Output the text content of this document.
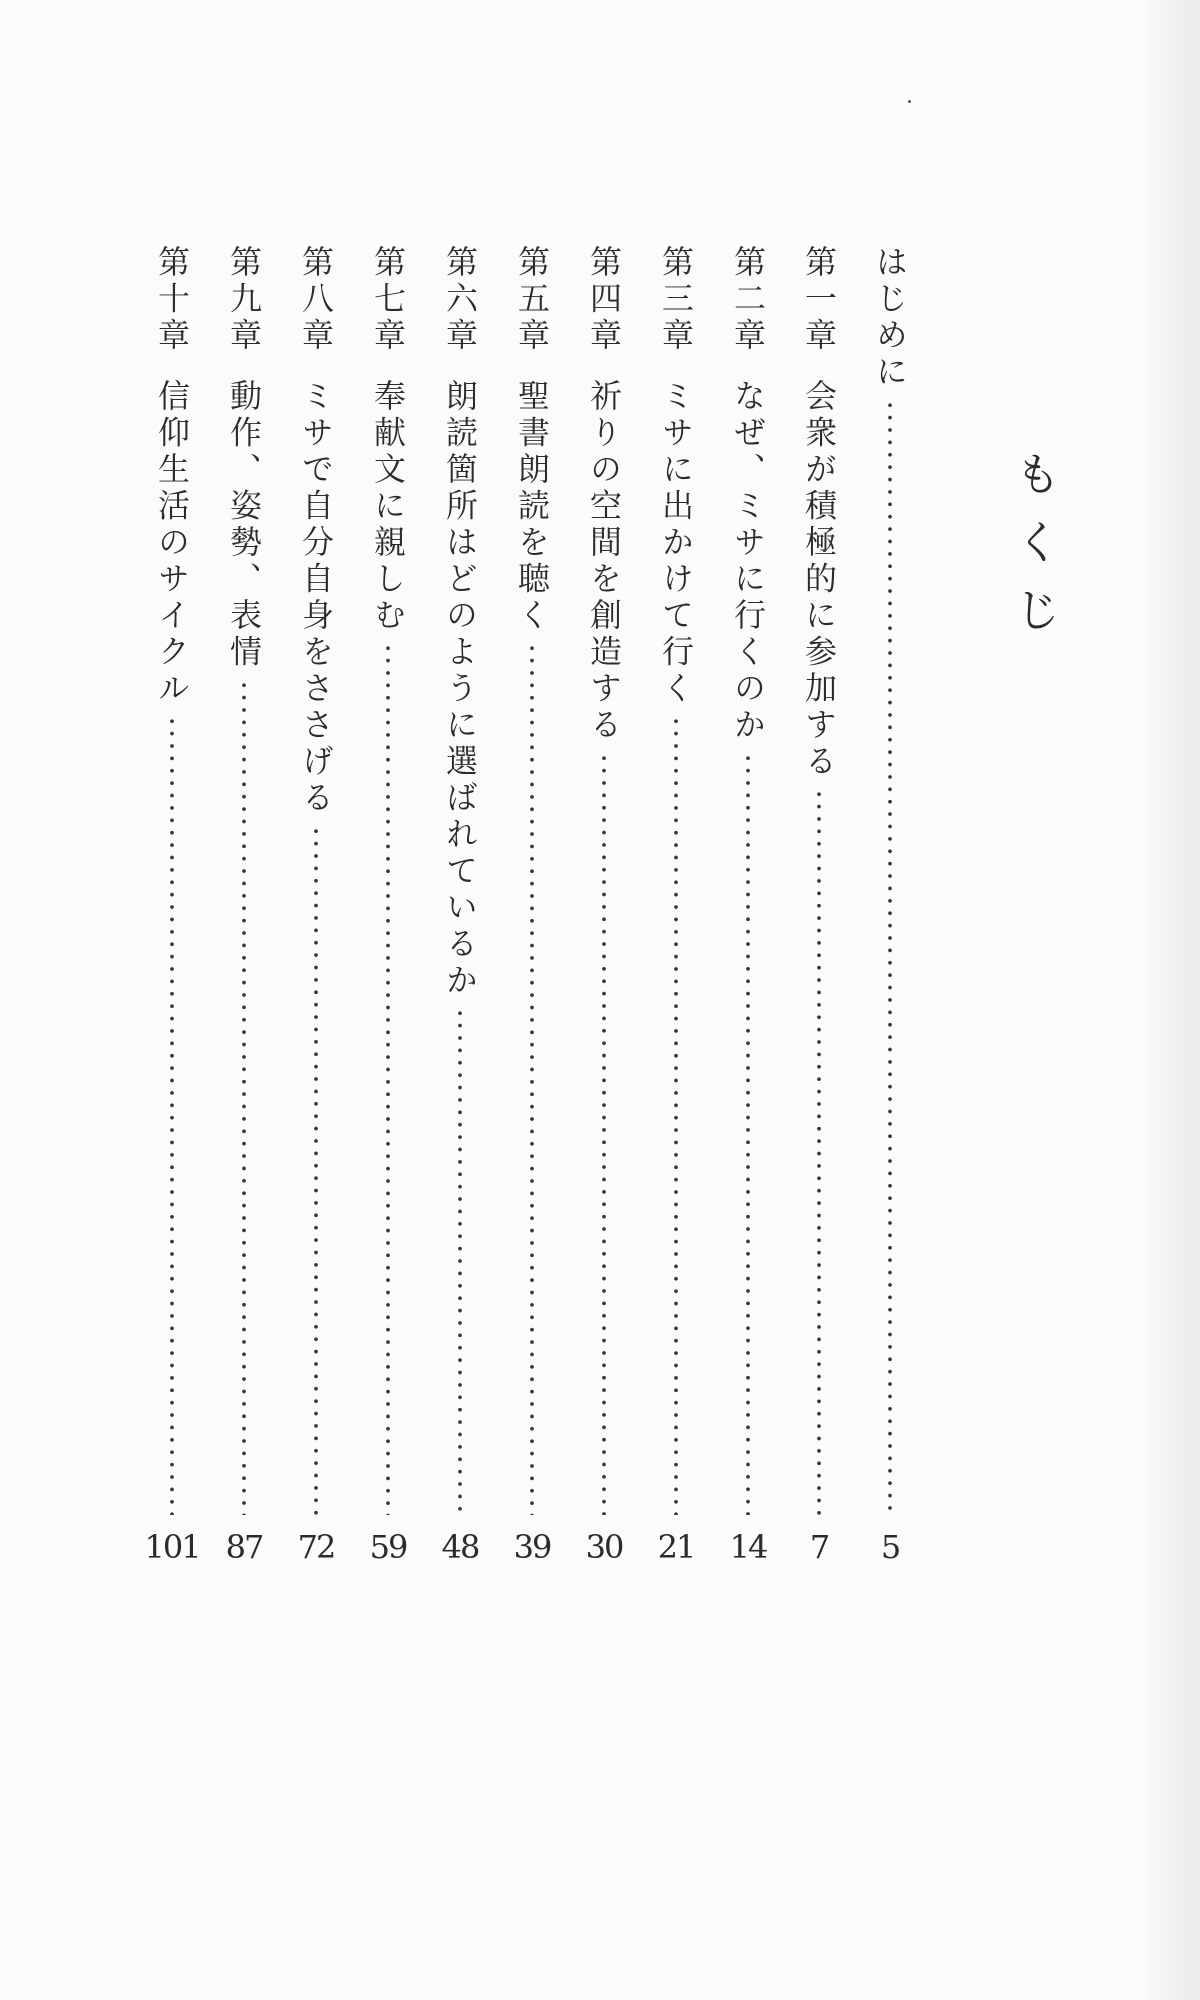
もくじ
はじめに
5
第一章
会衆が積極的に参加する
7
第二章
なぜ、ミサに行くのか
14
第三章
ミサに出かけて行く
21
第四章
祈りの空間を創造する
30
第五章
聖書朗読を聴く
39
第六章
朗読箇所はどのように選ばれているか
48
第七章
奉献文に親しむ
59
第八章
ミサで自分自身をささげる
72
第九章
動作、姿勢、表情
87
第十章
信仰生活のサイクル
101
